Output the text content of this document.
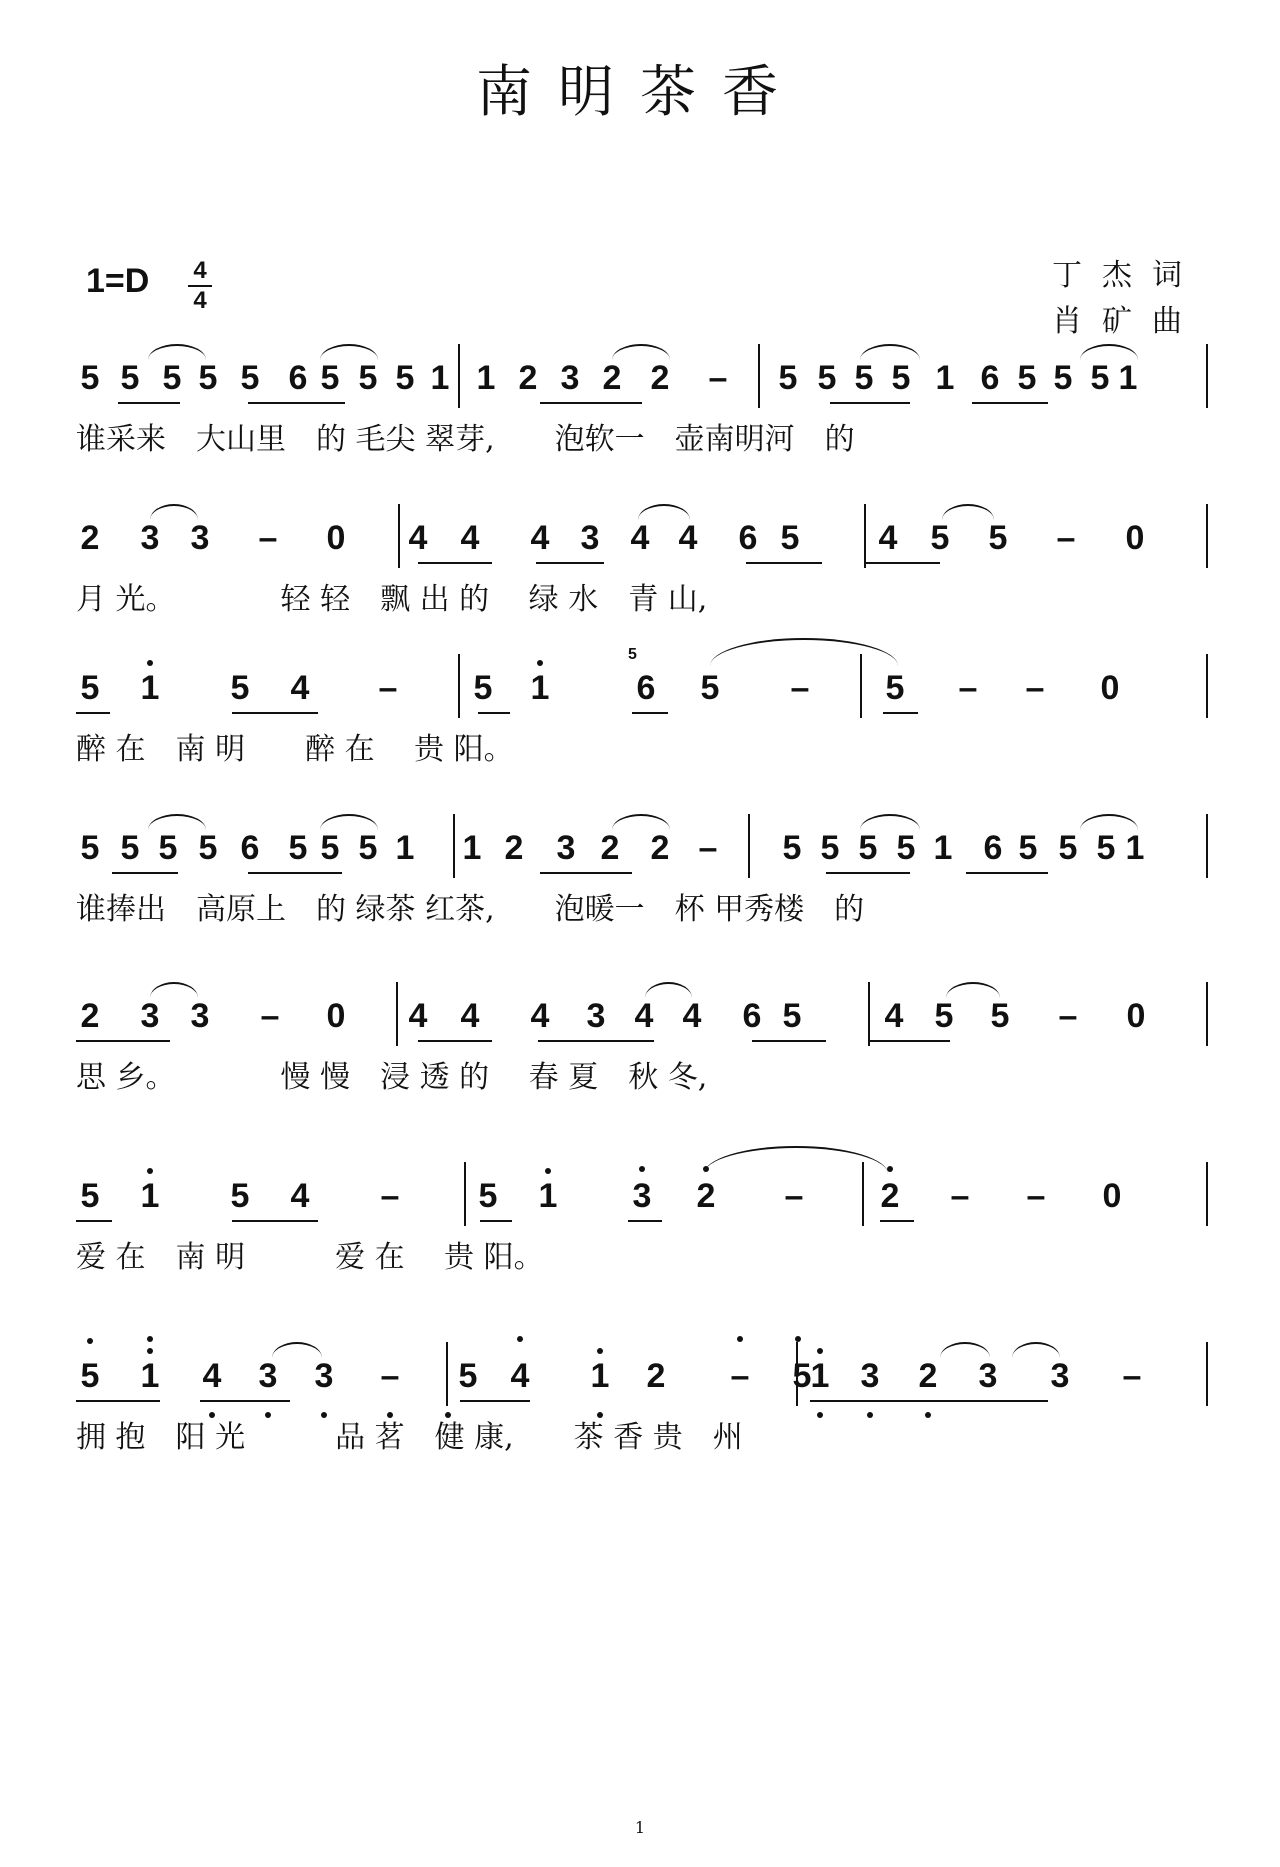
南明茶香
1=D 4
4
丁杰词
肖矿曲
5 5 5 5 5 6 5 5 5 1 1 2 3 2 2	–	5 5 5 5 1 6 5 5 5 1
谁采来　大山里　的 毛尖 翠芽,　　泡软一　壶南明河　的
2	3 3	–	0	4 4	4 3 4 4	6 5	4 5	5	–	0
月 光。　　　　轻 轻　飘 出 的　 绿 水　青 山,
5	1	5	4	–	5	1	6	5	–	5	–	–	0
5
醉 在　南 明　　醉 在　 贵 阳。
5 5 5 5 6 5 5 5 1	1 2 3 2 2 –	5 5 5 5 1 6 5 5 5 1
谁捧出　高原上　的 绿茶 红茶,　　泡暖一　杯 甲秀楼　的
2	3 3	–	0	4 4	4	3 4 4	6 5	4 5	5	–	0
思 乡。　　　　慢 慢　浸 透 的　 春 夏　秋 冬,
5	1	5	4	–	5	1	3	2	–	2	–	–	0
爱 在　南 明　　　爱 在　 贵 阳。
5	1	4	3	3	–	5 4	1	2	–	5 1 3	2	3	3	–
拥 抱　阳 光　　　品 茗　健 康,　　茶 香 贵　州
1
